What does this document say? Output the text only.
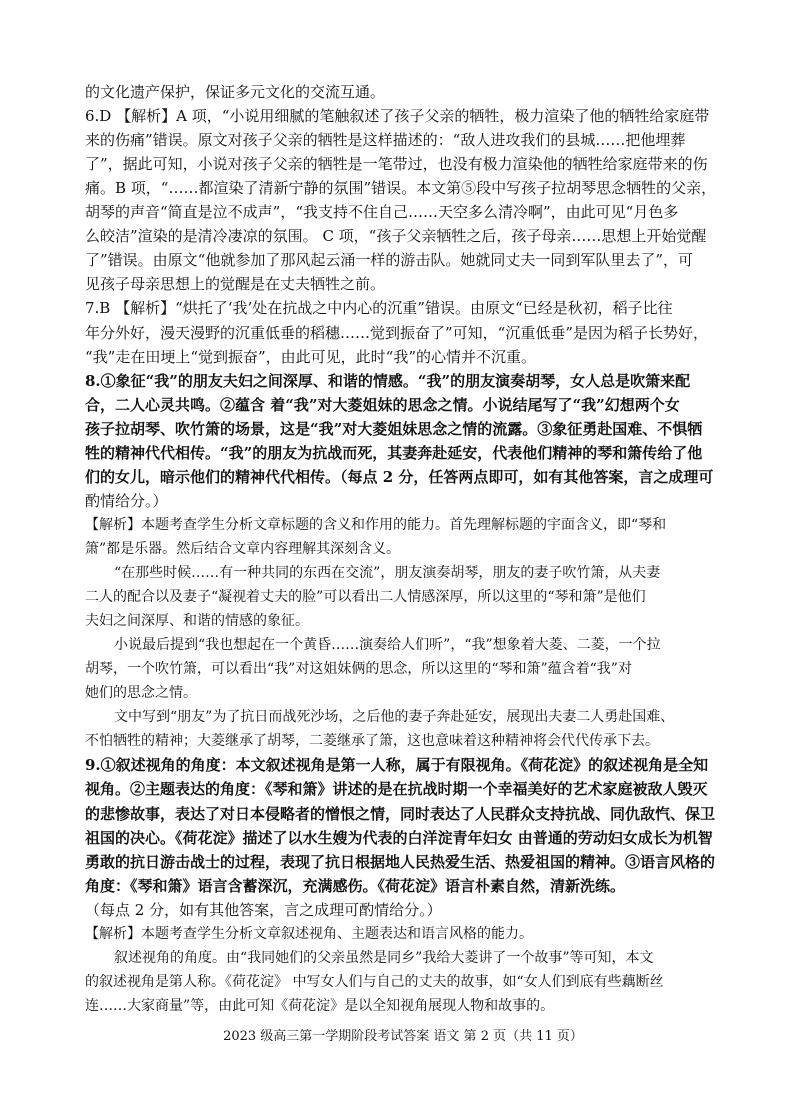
的文化遗产保护，保证多元文化的交流互通。
6.D 【解析】A 项，“小说用细腻的笔触叙述了孩子父亲的牺牲，极力渲染了他的牺牲给家庭带
来的伤痛”错误。原文对孩子父亲的牺牲是这样描述的：“敌人进攻我们的县城……把他埋葬
了”，据此可知，小说对孩子父亲的牺牲是一笔带过，也没有极力渲染他的牺牲给家庭带来的伤
痛。B 项，“……都渲染了清新宁静的氛围”错误。本文第⑤段中写孩子拉胡琴思念牺牲的父亲，
胡琴的声音“简直是泣不成声”，“我支持不住自己……天空多么清冷啊”，由此可见“月色多
么皎洁”渲染的是清冷凄凉的氛围。 C 项，“孩子父亲牺牲之后，孩子母亲……思想上开始觉醒
了”错误。由原文“他就参加了那风起云涌一样的游击队。她就同丈夫一同到军队里去了”，可
见孩子母亲思想上的觉醒是在丈夫牺牲之前。
7.B 【解析】“烘托了‘我’处在抗战之中内心的沉重”错误。由原文“已经是秋初，稻子比往
年分外好，漫天漫野的沉重低垂的稻穗……觉到振奋了”可知，“沉重低垂”是因为稻子长势好，
“我”走在田埂上“觉到振奋”，由此可见，此时“我”的心情并不沉重。
8.①象征“我”的朋友夫妇之间深厚、和谐的情感。“我”的朋友演奏胡琴，女人总是吹箫来配
合，二人心灵共鸣。②蕴含 着“我”对大菱姐妹的思念之情。小说结尾写了“我”幻想两个女
孩子拉胡琴、吹竹箫的场景，这是“我”对大菱姐妹思念之情的流露。③象征勇赴国难、不惧牺
牲的精神代代相传。“我”的朋友为抗战而死，其妻奔赴延安，代表他们精神的琴和箫传给了他
们的女儿，暗示他们的精神代代相传。（每点 2 分，任答两点即可，如有其他答案，言之成理可
酌情给分。）
【解析】本题考查学生分析文章标题的含义和作用的能力。首先理解标题的宇面含义，即“琴和
箫”都是乐器。然后结合文章内容理解其深刻含义。
“在那些时候……有一种共同的东西在交流”，朋友演奏胡琴，朋友的妻子吹竹箫，从夫妻
二人的配合以及妻子“凝视着丈夫的脸”可以看出二人情感深厚，所以这里的“琴和箫”是他们
夫妇之间深厚、和谐的情感的象征。
小说最后提到“我也想起在一个黄昏……演奏给人们听”，“我”想象着大菱、二菱，一个拉
胡琴，一个吹竹箫，可以看出“我”对这姐妹俩的思念，所以这里的“琴和箫”蕴含着“我”对
她们的思念之情。
文中写到“朋友”为了抗日而战死沙场，之后他的妻子奔赴延安，展现出夫妻二人勇赴国难、
不怕牺牲的精神；大菱继承了胡琴，二菱继承了箫，这也意味着这种精神将会代代传承下去。
9.①叙述视角的角度：本文叙述视角是第一人称，属于有限视角。《荷花淀》的叙述视角是全知
视角。②主题表达的角度：《琴和箫》讲述的是在抗战时期一个幸福美好的艺术家庭被敌人毁灭
的悲惨故事，表达了对日本侵略者的憎恨之情，同时表达了人民群众支持抗战、同仇敌忾、保卫
祖国的决心。《荷花淀》描述了以水生嫂为代表的白洋淀青年妇女 由普通的劳动妇女成长为机智
勇敢的抗日游击战士的过程，表现了抗日根据地人民热爱生活、热爱祖国的精神。③语言风格的
角度：《琴和箫》语言含蓄深沉，充满感伤。《荷花淀》语言朴素自然，清新洗练。
（每点 2 分，如有其他答案，言之成理可酌情给分。）
【解析】本题考查学生分析文章叙述视角、主题表达和语言风格的能力。
叙述视角的角度。由“我同她们的父亲虽然是同乡”我给大菱讲了一个故事”等可知，本文
的叙述视角是第人称。《荷花淀》 中写女人们与自己的丈夫的故事，如“女人们到底有些藕断丝
连……大家商量”等，由此可知《荷花淀》是以全知视角展现人物和故事的。
2023 级高三第一学期阶段考试答案 语文 第 2 页（共 11 页）
